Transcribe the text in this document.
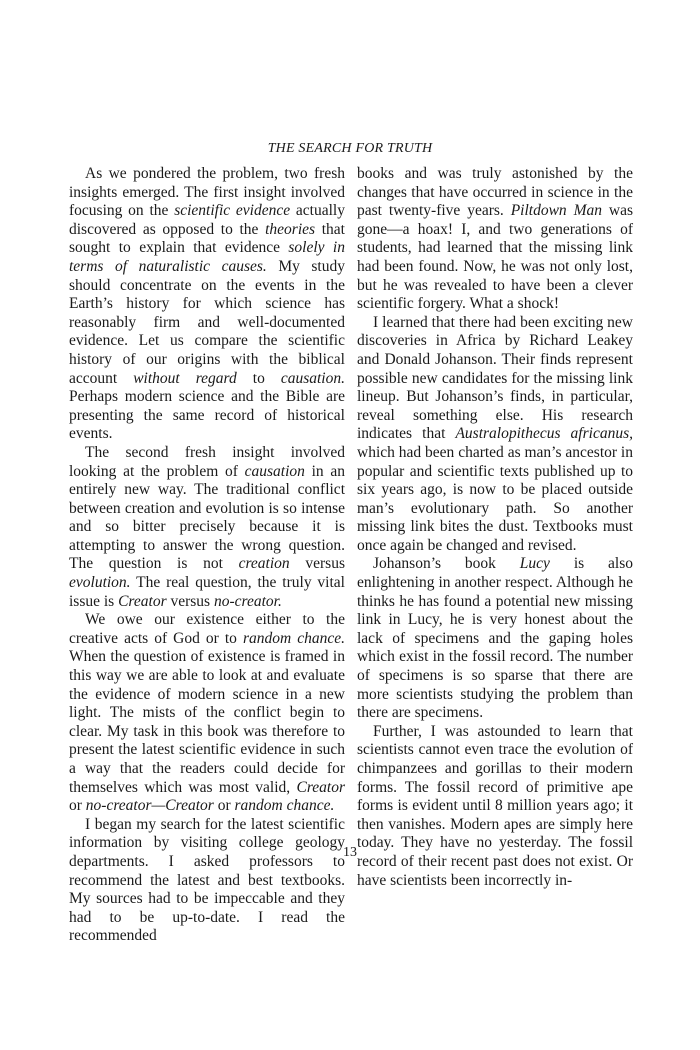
THE SEARCH FOR TRUTH

As we pondered the problem, two fresh insights emerged. The first insight involved focusing on the scientific evidence actually discovered as opposed to the theories that sought to explain that evidence solely in terms of naturalistic causes. My study should concentrate on the events in the Earth’s history for which science has reasonably firm and well-documented evidence. Let us compare the scientific history of our origins with the biblical account without regard to causation. Perhaps modern science and the Bible are presenting the same record of historical events.

The second fresh insight involved looking at the problem of causation in an entirely new way. The traditional conflict between creation and evolution is so intense and so bitter precisely because it is attempting to answer the wrong question. The question is not creation versus evolution. The real question, the truly vital issue is Creator versus no-creator.

We owe our existence either to the creative acts of God or to random chance. When the question of existence is framed in this way we are able to look at and evaluate the evidence of modern science in a new light. The mists of the conflict begin to clear. My task in this book was therefore to present the latest scientific evidence in such a way that the readers could decide for themselves which was most valid, Creator or no-creator—Creator or random chance.

I began my search for the latest scientific information by visiting college geology departments. I asked professors to recommend the latest and best textbooks. My sources had to be impeccable and they had to be up-to-date. I read the recommended

books and was truly astonished by the changes that have occurred in science in the past twenty-five years. Piltdown Man was gone—a hoax! I, and two generations of students, had learned that the missing link had been found. Now, he was not only lost, but he was revealed to have been a clever scientific forgery. What a shock!

I learned that there had been exciting new discoveries in Africa by Richard Leakey and Donald Johanson. Their finds represent possible new candidates for the missing link lineup. But Johanson’s finds, in particular, reveal something else. His research indicates that Australopithecus africanus, which had been charted as man’s ancestor in popular and scientific texts published up to six years ago, is now to be placed outside man’s evolutionary path. So another missing link bites the dust. Textbooks must once again be changed and revised.

Johanson’s book Lucy is also enlightening in another respect. Although he thinks he has found a potential new missing link in Lucy, he is very honest about the lack of specimens and the gaping holes which exist in the fossil record. The number of specimens is so sparse that there are more scientists studying the problem than there are specimens.

Further, I was astounded to learn that scientists cannot even trace the evolution of chimpanzees and gorillas to their modern forms. The fossil record of primitive ape forms is evident until 8 million years ago; it then vanishes. Modern apes are simply here today. They have no yesterday. The fossil record of their recent past does not exist. Or have scientists been incorrectly in-

13
